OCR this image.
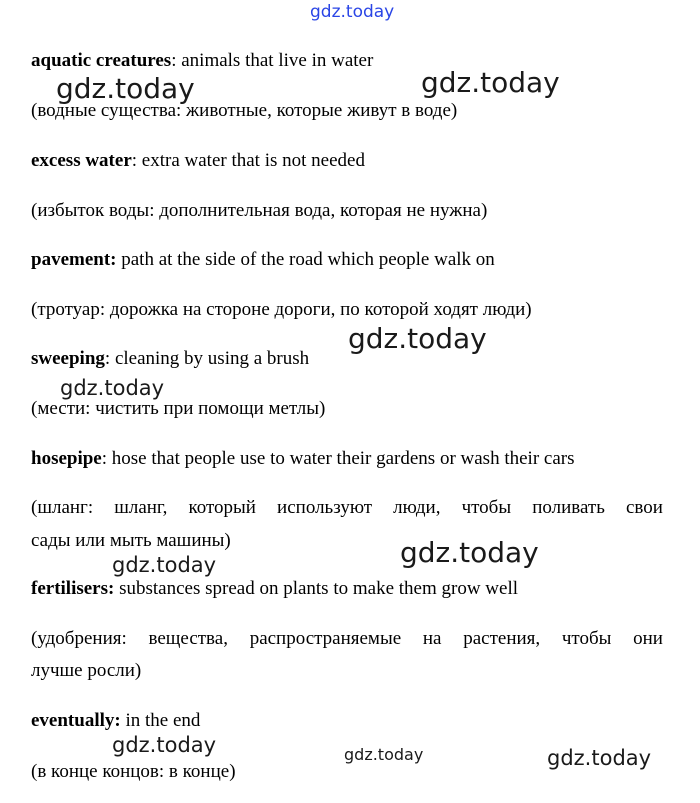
gdz.today
aquatic creatures: animals that live in water
(водные существа: животные, которые живут в воде)
excess water: extra water that is not needed
(избыток воды: дополнительная вода, которая не нужна)
pavement: path at the side of the road which people walk on
(тротуар: дорожка на стороне дороги, по которой ходят люди)
sweeping: cleaning by using a brush
(мести: чистить при помощи метлы)
hosepipe: hose that people use to water their gardens or wash their cars
(шланг: шланг, который используют люди, чтобы поливать свои
сады или мыть машины)
fertilisers: substances spread on plants to make them grow well
(удобрения: вещества, распространяемые на растения, чтобы они
лучше росли)
eventually: in the end
(в конце концов: в конце)
gdz.today	gdz.today
gdz.today
gdz.today
gdz.today
gdz.today
gdz.today	gdz.today	gdz.today
